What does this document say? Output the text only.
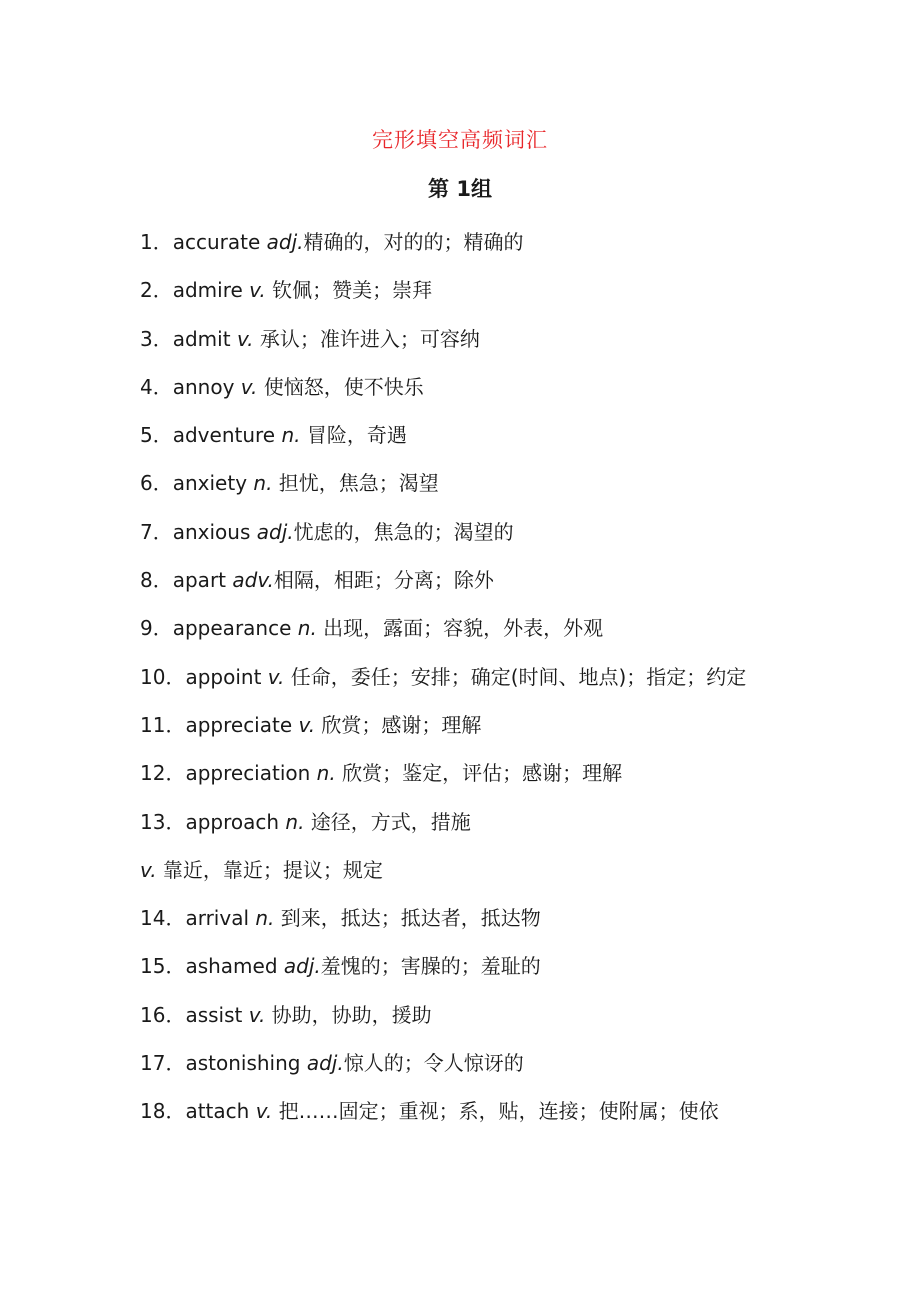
完形填空高频词汇
第 1组
1．accurate adj.精确的，对的的；精确的
2．admire v. 钦佩；赞美；崇拜
3．admit v. 承认；准许进入；可容纳
4．annoy v. 使恼怒，使不快乐
5．adventure n. 冒险，奇遇
6．anxiety n. 担忧，焦急；渴望
7．anxious adj.忧虑的，焦急的；渴望的
8．apart adv.相隔，相距；分离；除外
9．appearance n. 出现，露面；容貌，外表，外观
10．appoint v. 任命，委任；安排；确定(时间、地点)；指定；约定
11．appreciate v. 欣赏；感谢；理解
12．appreciation n. 欣赏；鉴定，评估；感谢；理解
13．approach n. 途径，方式，措施
v. 靠近，靠近；提议；规定
14．arrival n. 到来，抵达；抵达者，抵达物
15．ashamed adj.羞愧的；害臊的；羞耻的
16．assist v. 协助，协助，援助
17．astonishing adj.惊人的；令人惊讶的
18．attach v. 把……固定；重视；系，贴，连接；使附属；使依
